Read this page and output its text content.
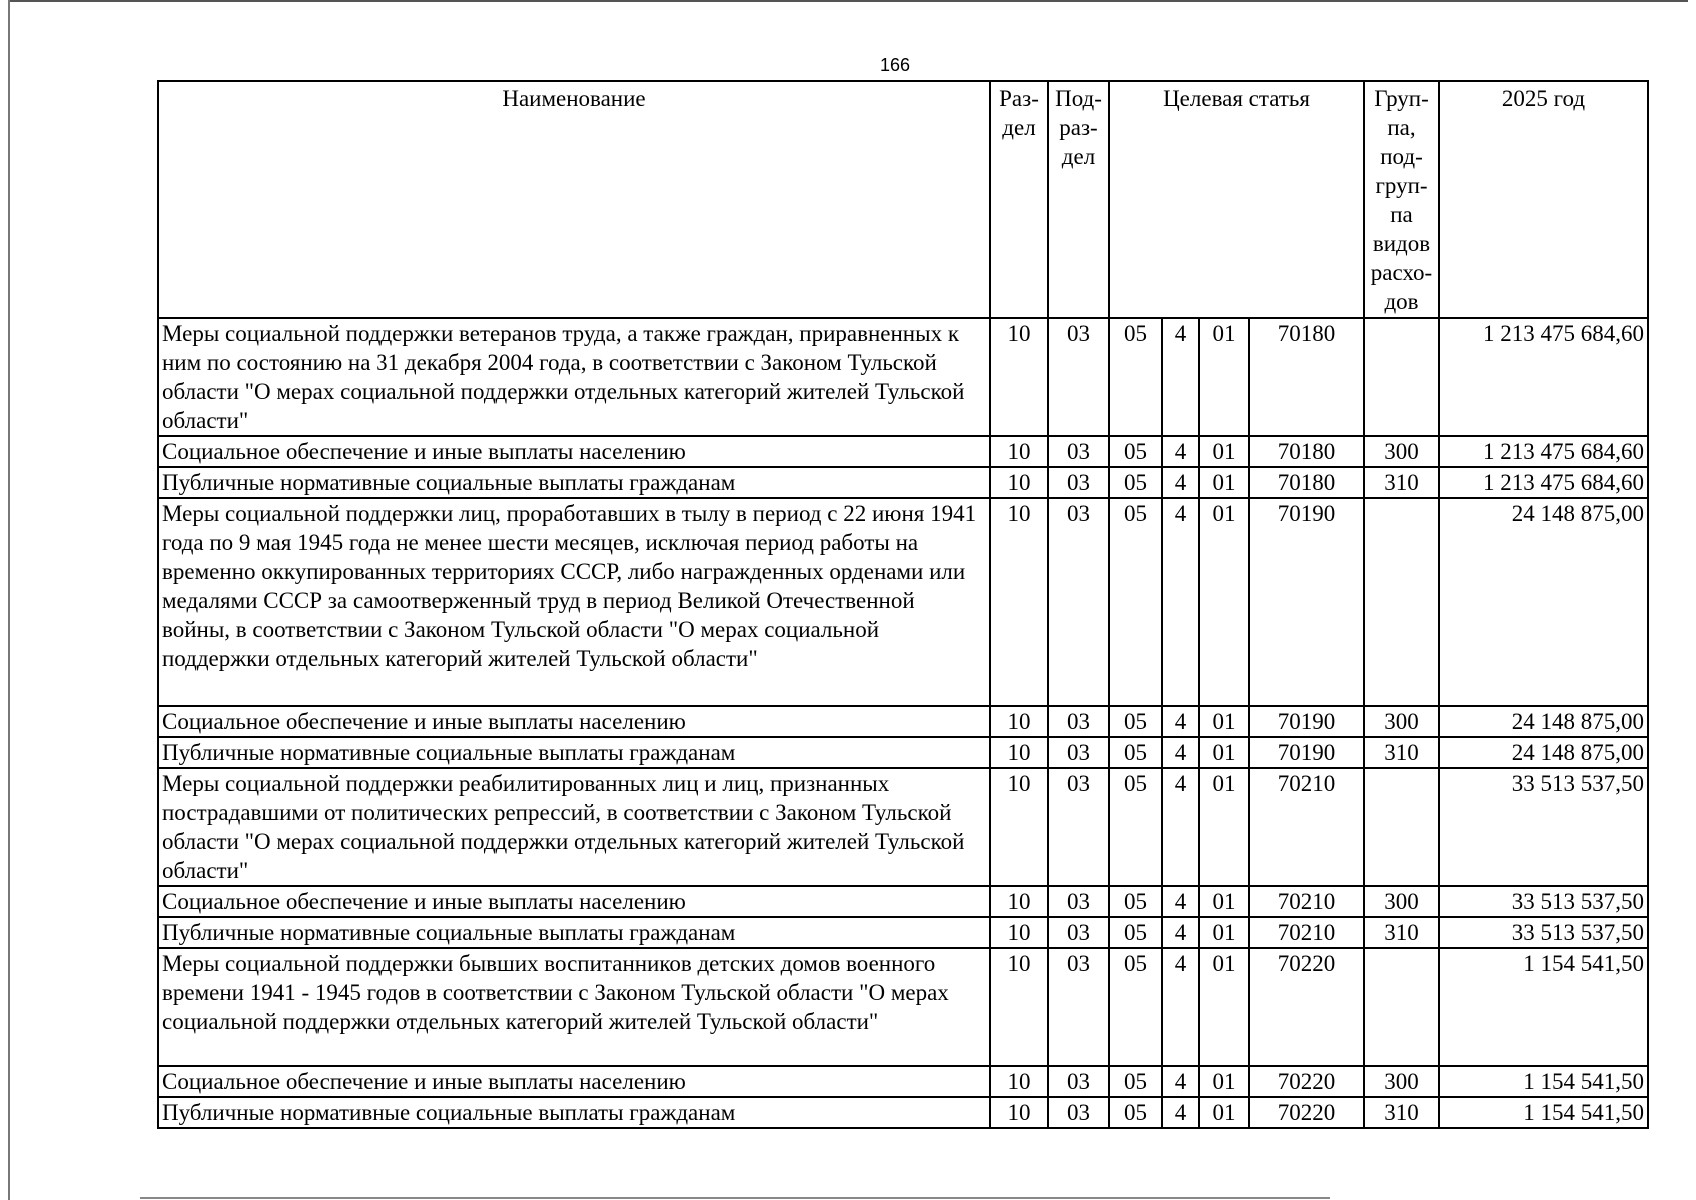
166
Наименование	Раз-дел	Под-раз-дел	Целевая статья				Груп-па, под-груп-па видов расхо-дов	2025 год
Меры социальной поддержки ветеранов труда, а также граждан, приравненных к ним по состоянию на 31 декабря 2004 года, в соответствии с Законом Тульской области "О мерах социальной поддержки отдельных категорий жителей Тульской области"	10	03	05	4	01	70180		1 213 475 684,60
Социальное обеспечение и иные выплаты населению	10	03	05	4	01	70180	300	1 213 475 684,60
Публичные нормативные социальные выплаты гражданам	10	03	05	4	01	70180	310	1 213 475 684,60
Меры социальной поддержки лиц, проработавших в тылу в период с 22 июня 1941 года по 9 мая 1945 года не менее шести месяцев, исключая период работы на временно оккупированных территориях СССР, либо награжденных орденами или медалями СССР за самоотверженный труд в период Великой Отечественной войны, в соответствии с Законом Тульской области "О мерах социальной поддержки отдельных категорий жителей Тульской области"	10	03	05	4	01	70190		24 148 875,00
Социальное обеспечение и иные выплаты населению	10	03	05	4	01	70190	300	24 148 875,00
Публичные нормативные социальные выплаты гражданам	10	03	05	4	01	70190	310	24 148 875,00
Меры социальной поддержки реабилитированных лиц и лиц, признанных пострадавшими от политических репрессий, в соответствии с Законом Тульской области "О мерах социальной поддержки отдельных категорий жителей Тульской области"	10	03	05	4	01	70210		33 513 537,50
Социальное обеспечение и иные выплаты населению	10	03	05	4	01	70210	300	33 513 537,50
Публичные нормативные социальные выплаты гражданам	10	03	05	4	01	70210	310	33 513 537,50
Меры социальной поддержки бывших воспитанников детских домов военного времени 1941 - 1945 годов в соответствии с Законом Тульской области "О мерах социальной поддержки отдельных категорий жителей Тульской области"	10	03	05	4	01	70220		1 154 541,50
Социальное обеспечение и иные выплаты населению	10	03	05	4	01	70220	300	1 154 541,50
Публичные нормативные социальные выплаты гражданам	10	03	05	4	01	70220	310	1 154 541,50
